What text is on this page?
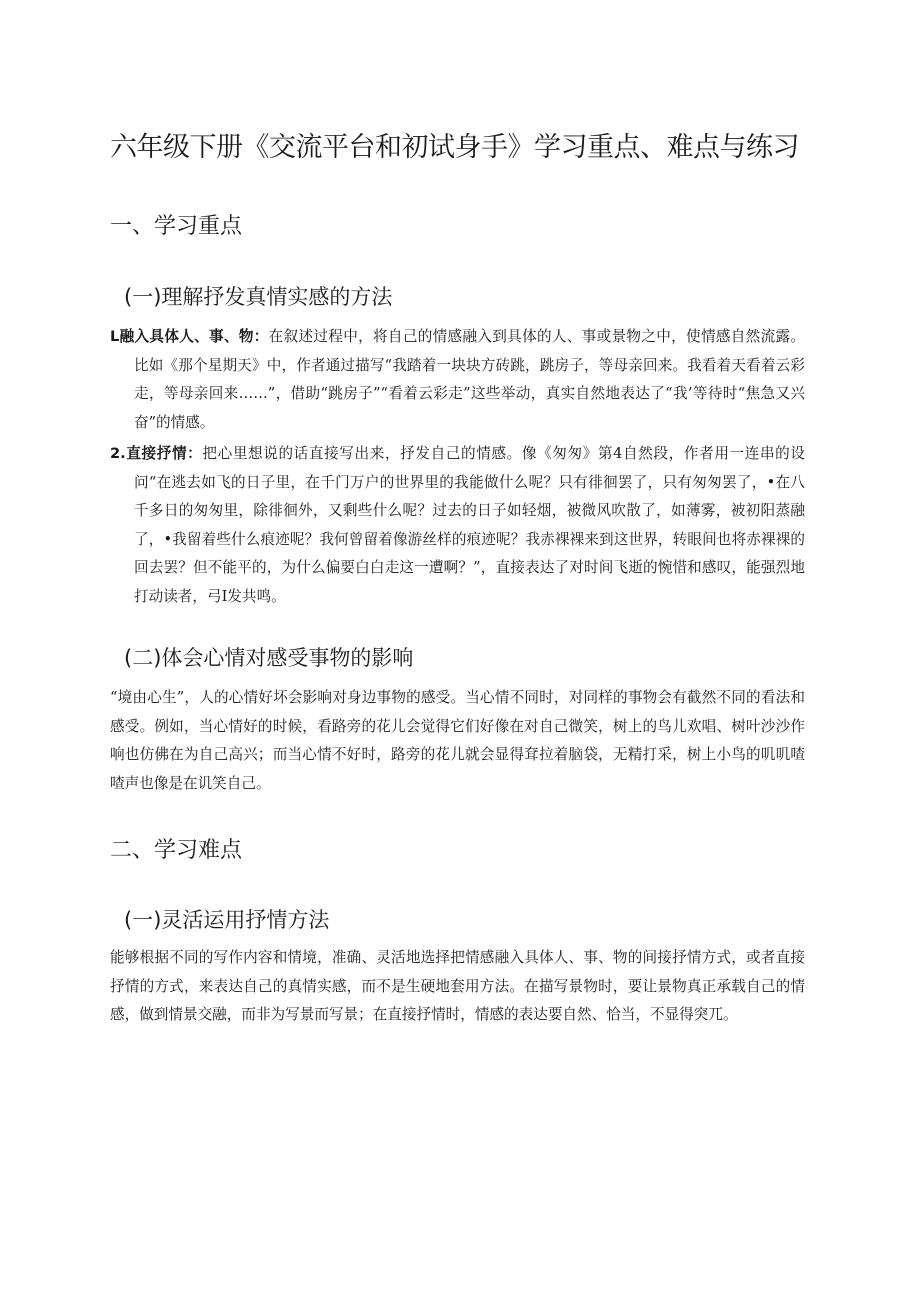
六年级下册《交流平台和初试身手》学习重点、难点与练习
一、学习重点
(一)理解抒发真情实感的方法

L融入具体人、事、物：在叙述过程中，将自己的情感融入到具体的人、事或景物之中，使情感自然流露。比如《那个星期天》中，作者通过描写“我踏着一块块方砖跳，跳房子，等母亲回来。我看着天看着云彩走，等母亲回来……”，借助“跳房子”“看着云彩走”这些举动，真实自然地表达了“我’等待时“焦急又兴奋”的情感。

2.直接抒情：把心里想说的话直接写出来，抒发自己的情感。像《匆匆》第4自然段，作者用一连串的设问“在逃去如飞的日子里，在千门万户的世界里的我能做什么呢？只有徘徊罢了，只有匆匆罢了，•在八千多日的匆匆里，除徘徊外，又剩些什么呢？过去的日子如轻烟，被微风吹散了，如薄雾，被初阳蒸融了，•我留着些什么痕迹呢？我何曾留着像游丝样的痕迹呢？我赤裸裸来到这世界，转眼间也将赤裸裸的回去罢？但不能平的，为什么偏要白白走这一遭啊？”，直接表达了对时间飞逝的惋惜和感叹，能强烈地打动读者，弓I发共鸣。

(二)体会心情对感受事物的影响

“境由心生”，人的心情好坏会影响对身边事物的感受。当心情不同时，对同样的事物会有截然不同的看法和感受。例如，当心情好的时候，看路旁的花儿会觉得它们好像在对自己微笑，树上的鸟儿欢唱、树叶沙沙作响也仿佛在为自己高兴；而当心情不好时，路旁的花儿就会显得耷拉着脑袋，无精打采，树上小鸟的叽叽喳喳声也像是在讥笑自己。

二、学习难点
(一)灵活运用抒情方法

能够根据不同的写作内容和情境，准确、灵活地选择把情感融入具体人、事、物的间接抒情方式，或者直接抒情的方式，来表达自己的真情实感，而不是生硬地套用方法。在描写景物时，要让景物真正承载自己的情感，做到情景交融，而非为写景而写景；在直接抒情时，情感的表达要自然、恰当，不显得突兀。
